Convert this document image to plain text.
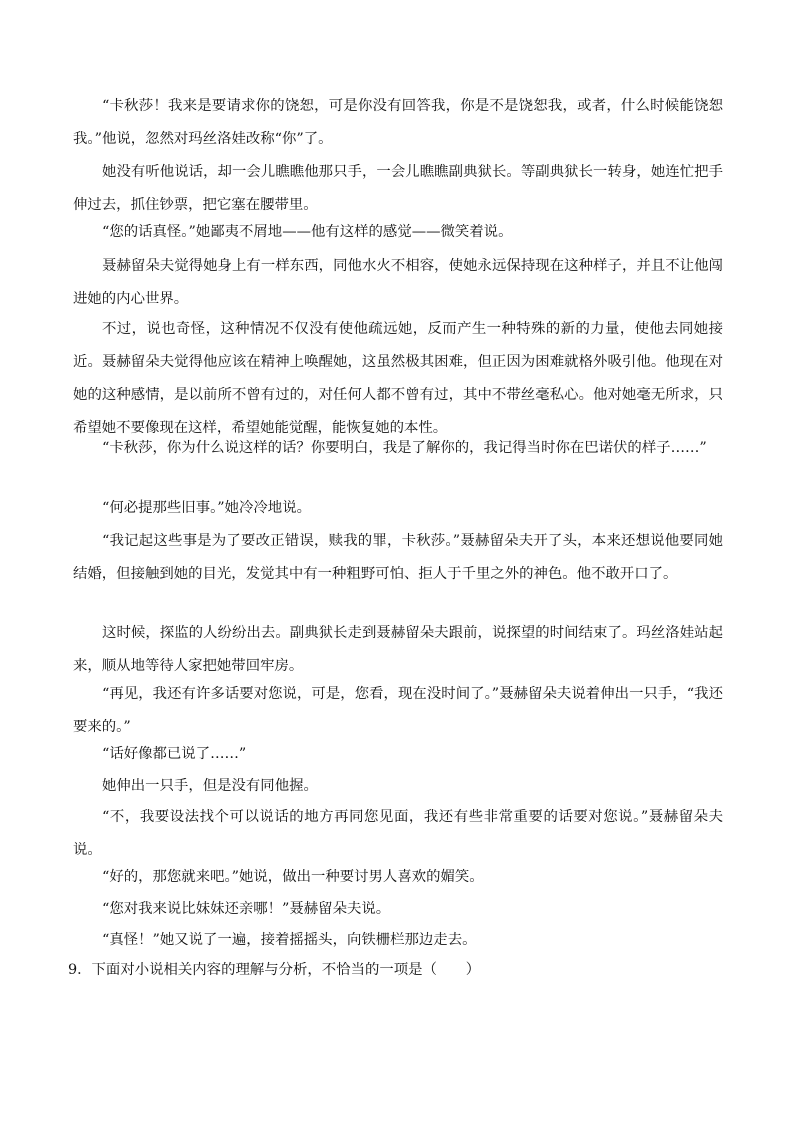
“卡秋莎！我来是要请求你的饶恕，可是你没有回答我，你是不是饶恕我，或者，什么时候能饶恕我。”他说，忽然对玛丝洛娃改称“你”了。

她没有听他说话，却一会儿瞧瞧他那只手，一会儿瞧瞧副典狱长。等副典狱长一转身，她连忙把手伸过去，抓住钞票，把它塞在腰带里。

“您的话真怪。”她鄙夷不屑地——他有这样的感觉——微笑着说。

聂赫留朵夫觉得她身上有一样东西，同他水火不相容，使她永远保持现在这种样子，并且不让他闯进她的内心世界。

不过，说也奇怪，这种情况不仅没有使他疏远她，反而产生一种特殊的新的力量，使他去同她接近。聂赫留朵夫觉得他应该在精神上唤醒她，这虽然极其困难，但正因为困难就格外吸引他。他现在对她的这种感情，是以前所不曾有过的，对任何人都不曾有过，其中不带丝毫私心。他对她毫无所求，只希望她不要像现在这样，希望她能觉醒，能恢复她的本性。

“卡秋莎，你为什么说这样的话？你要明白，我是了解你的，我记得当时你在巴诺伏的样子……”

“何必提那些旧事。”她冷冷地说。

“我记起这些事是为了要改正错误，赎我的罪，卡秋莎。”聂赫留朵夫开了头，本来还想说他要同她结婚，但接触到她的目光，发觉其中有一种粗野可怕、拒人于千里之外的神色。他不敢开口了。

这时候，探监的人纷纷出去。副典狱长走到聂赫留朵夫跟前，说探望的时间结束了。玛丝洛娃站起来，顺从地等待人家把她带回牢房。

“再见，我还有许多话要对您说，可是，您看，现在没时间了。”聂赫留朵夫说着伸出一只手，“我还要来的。”

“话好像都已说了……”

她伸出一只手，但是没有同他握。

“不，我要设法找个可以说话的地方再同您见面，我还有些非常重要的话要对您说。”聂赫留朵夫说。

“好的，那您就来吧。”她说，做出一种要讨男人喜欢的媚笑。

“您对我来说比妹妹还亲哪！”聂赫留朵夫说。

“真怪！”她又说了一遍，接着摇摇头，向铁栅栏那边走去。

9．下面对小说相关内容的理解与分析，不恰当的一项是（　　）
